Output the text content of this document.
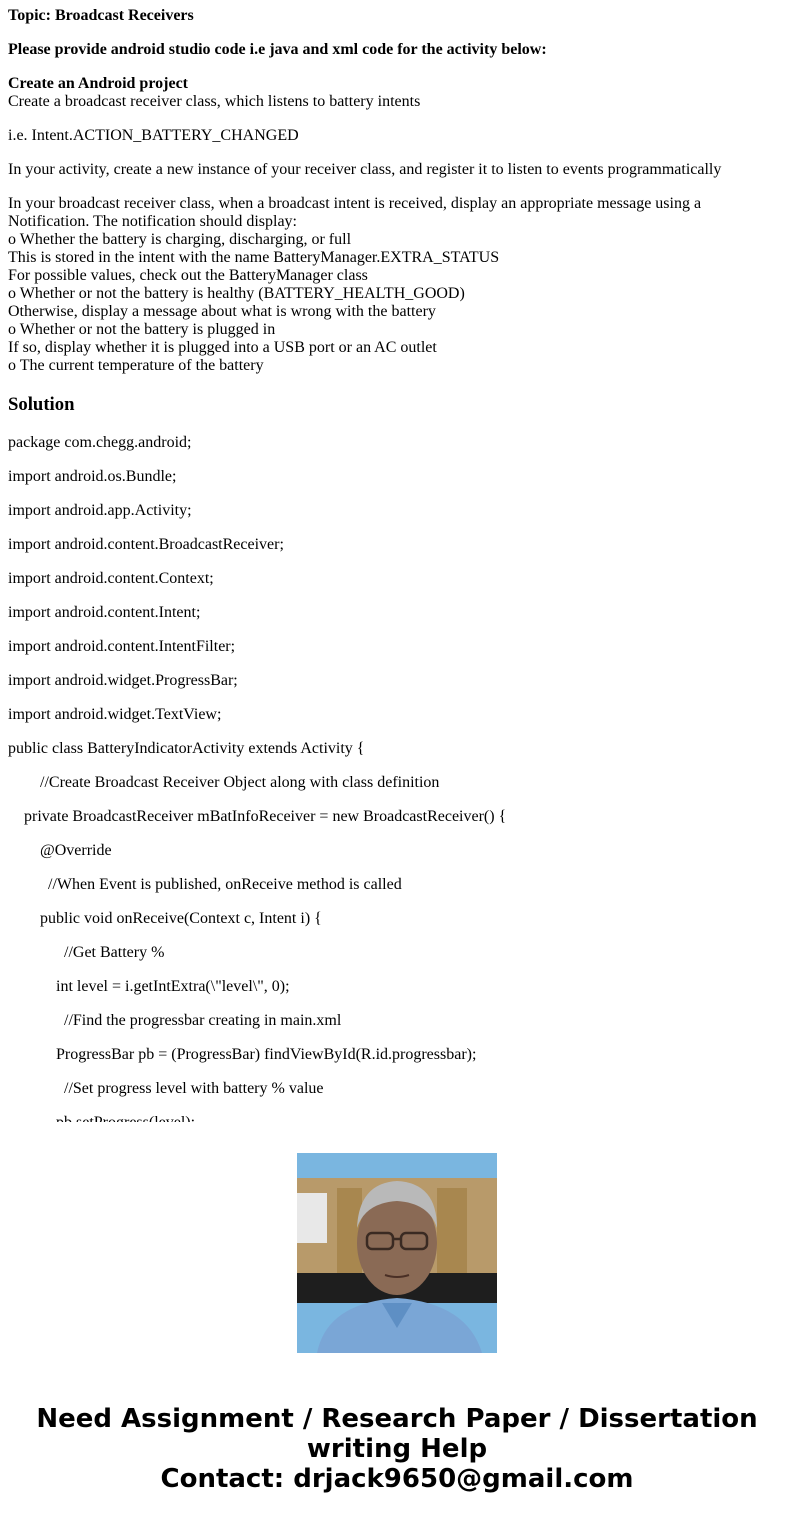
Topic: Broadcast Receivers
Please provide android studio code i.e java and xml code for the activity below:
Create an Android project
Create a broadcast receiver class, which listens to battery intents
i.e. Intent.ACTION_BATTERY_CHANGED
In your activity, create a new instance of your receiver class, and register it to listen to events programmatically
In your broadcast receiver class, when a broadcast intent is received, display an appropriate message using a
Notification. The notification should display:
o Whether the battery is charging, discharging, or full
This is stored in the intent with the name BatteryManager.EXTRA_STATUS
For possible values, check out the BatteryManager class
o Whether or not the battery is healthy (BATTERY_HEALTH_GOOD)
Otherwise, display a message about what is wrong with the battery
o Whether or not the battery is plugged in
If so, display whether it is plugged into a USB port or an AC outlet
o The current temperature of the battery
Solution
package com.chegg.android;
import android.os.Bundle;
import android.app.Activity;
import android.content.BroadcastReceiver;
import android.content.Context;
import android.content.Intent;
import android.content.IntentFilter;
import android.widget.ProgressBar;
import android.widget.TextView;
public class BatteryIndicatorActivity extends Activity {
//Create Broadcast Receiver Object along with class definition
private BroadcastReceiver mBatInfoReceiver = new BroadcastReceiver() {
@Override
//When Event is published, onReceive method is called
public void onReceive(Context c, Intent i) {
//Get Battery %
int level = i.getIntExtra(\"level\", 0);
//Find the progressbar creating in main.xml
ProgressBar pb = (ProgressBar) findViewById(R.id.progressbar);
//Set progress level with battery % value
Need Assignment / Research Paper / Dissertation
writing Help
Contact: drjack9650@gmail.com
